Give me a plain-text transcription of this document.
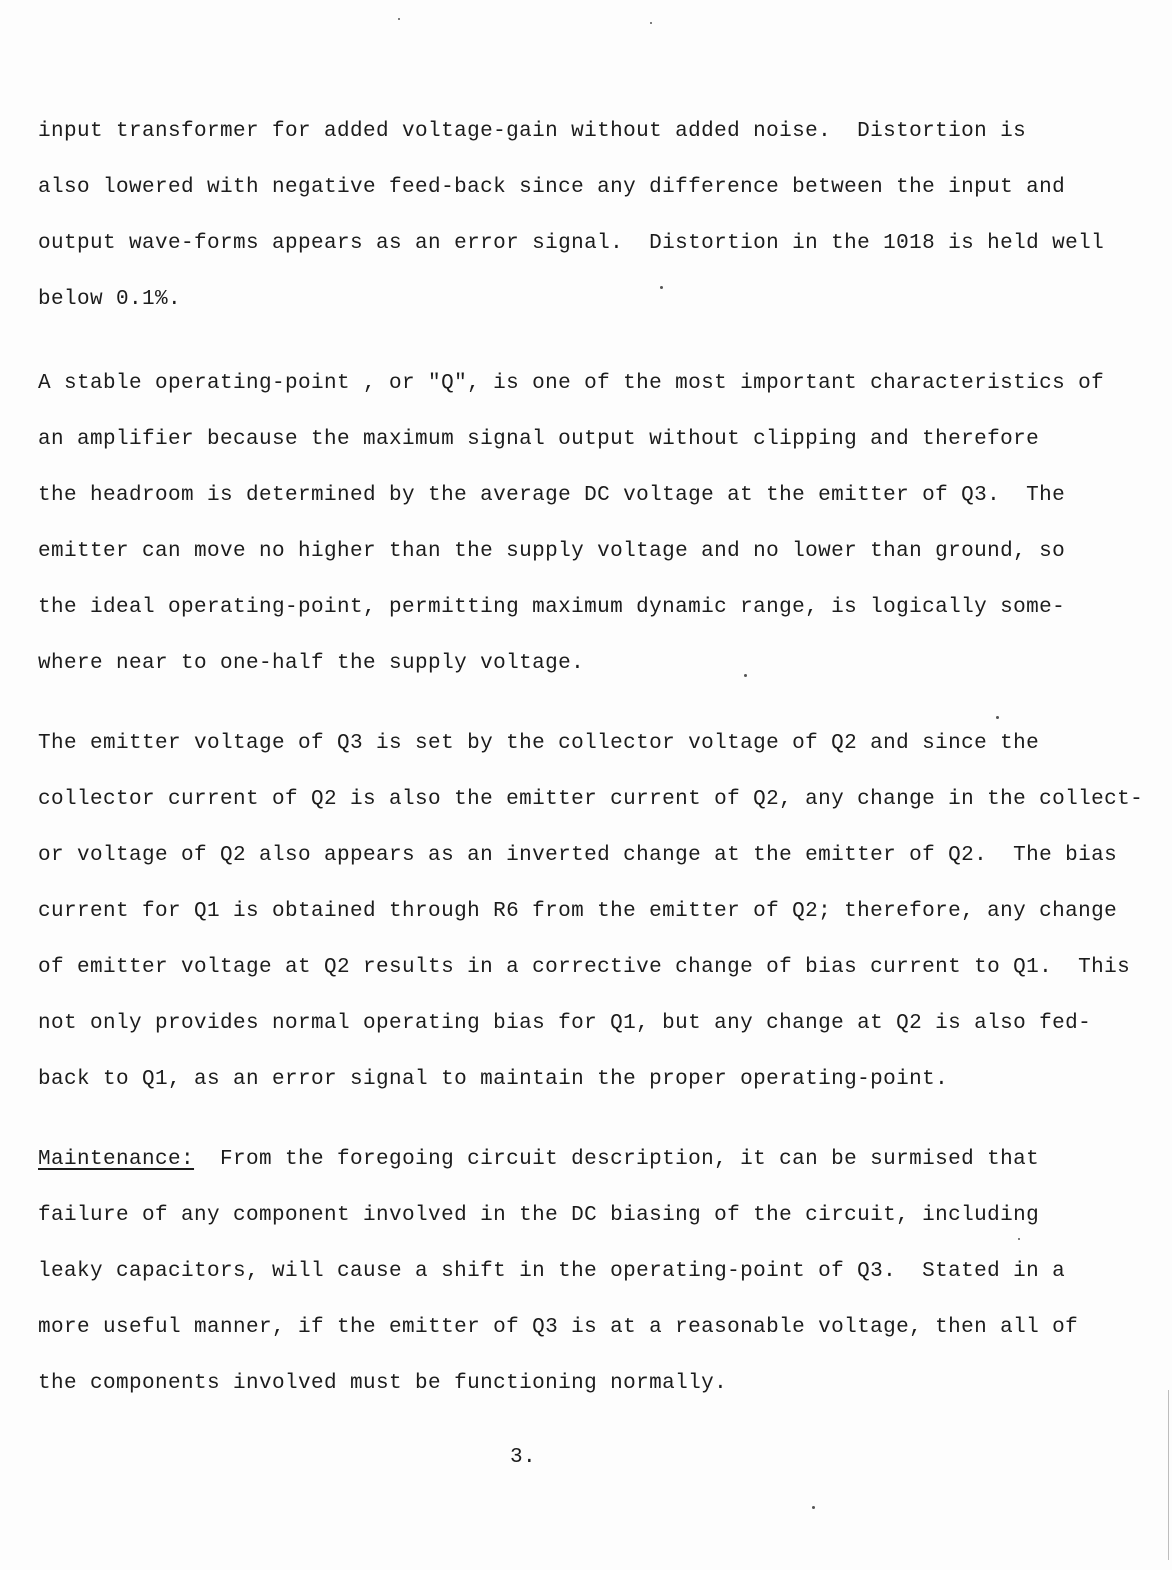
input transformer for added voltage-gain without added noise.  Distortion is
also lowered with negative feed-back since any difference between the input and
output wave-forms appears as an error signal.  Distortion in the 1018 is held well
below 0.1%.
A stable operating-point , or "Q", is one of the most important characteristics of
an amplifier because the maximum signal output without clipping and therefore
the headroom is determined by the average DC voltage at the emitter of Q3.  The
emitter can move no higher than the supply voltage and no lower than ground, so
the ideal operating-point, permitting maximum dynamic range, is logically some-
where near to one-half the supply voltage.
The emitter voltage of Q3 is set by the collector voltage of Q2 and since the
collector current of Q2 is also the emitter current of Q2, any change in the collect-
or voltage of Q2 also appears as an inverted change at the emitter of Q2.  The bias
current for Q1 is obtained through R6 from the emitter of Q2; therefore, any change
of emitter voltage at Q2 results in a corrective change of bias current to Q1.  This
not only provides normal operating bias for Q1, but any change at Q2 is also fed-
back to Q1, as an error signal to maintain the proper operating-point.
Maintenance:  From the foregoing circuit description, it can be surmised that
failure of any component involved in the DC biasing of the circuit, including
leaky capacitors, will cause a shift in the operating-point of Q3.  Stated in a
more useful manner, if the emitter of Q3 is at a reasonable voltage, then all of
the components involved must be functioning normally.
3.
